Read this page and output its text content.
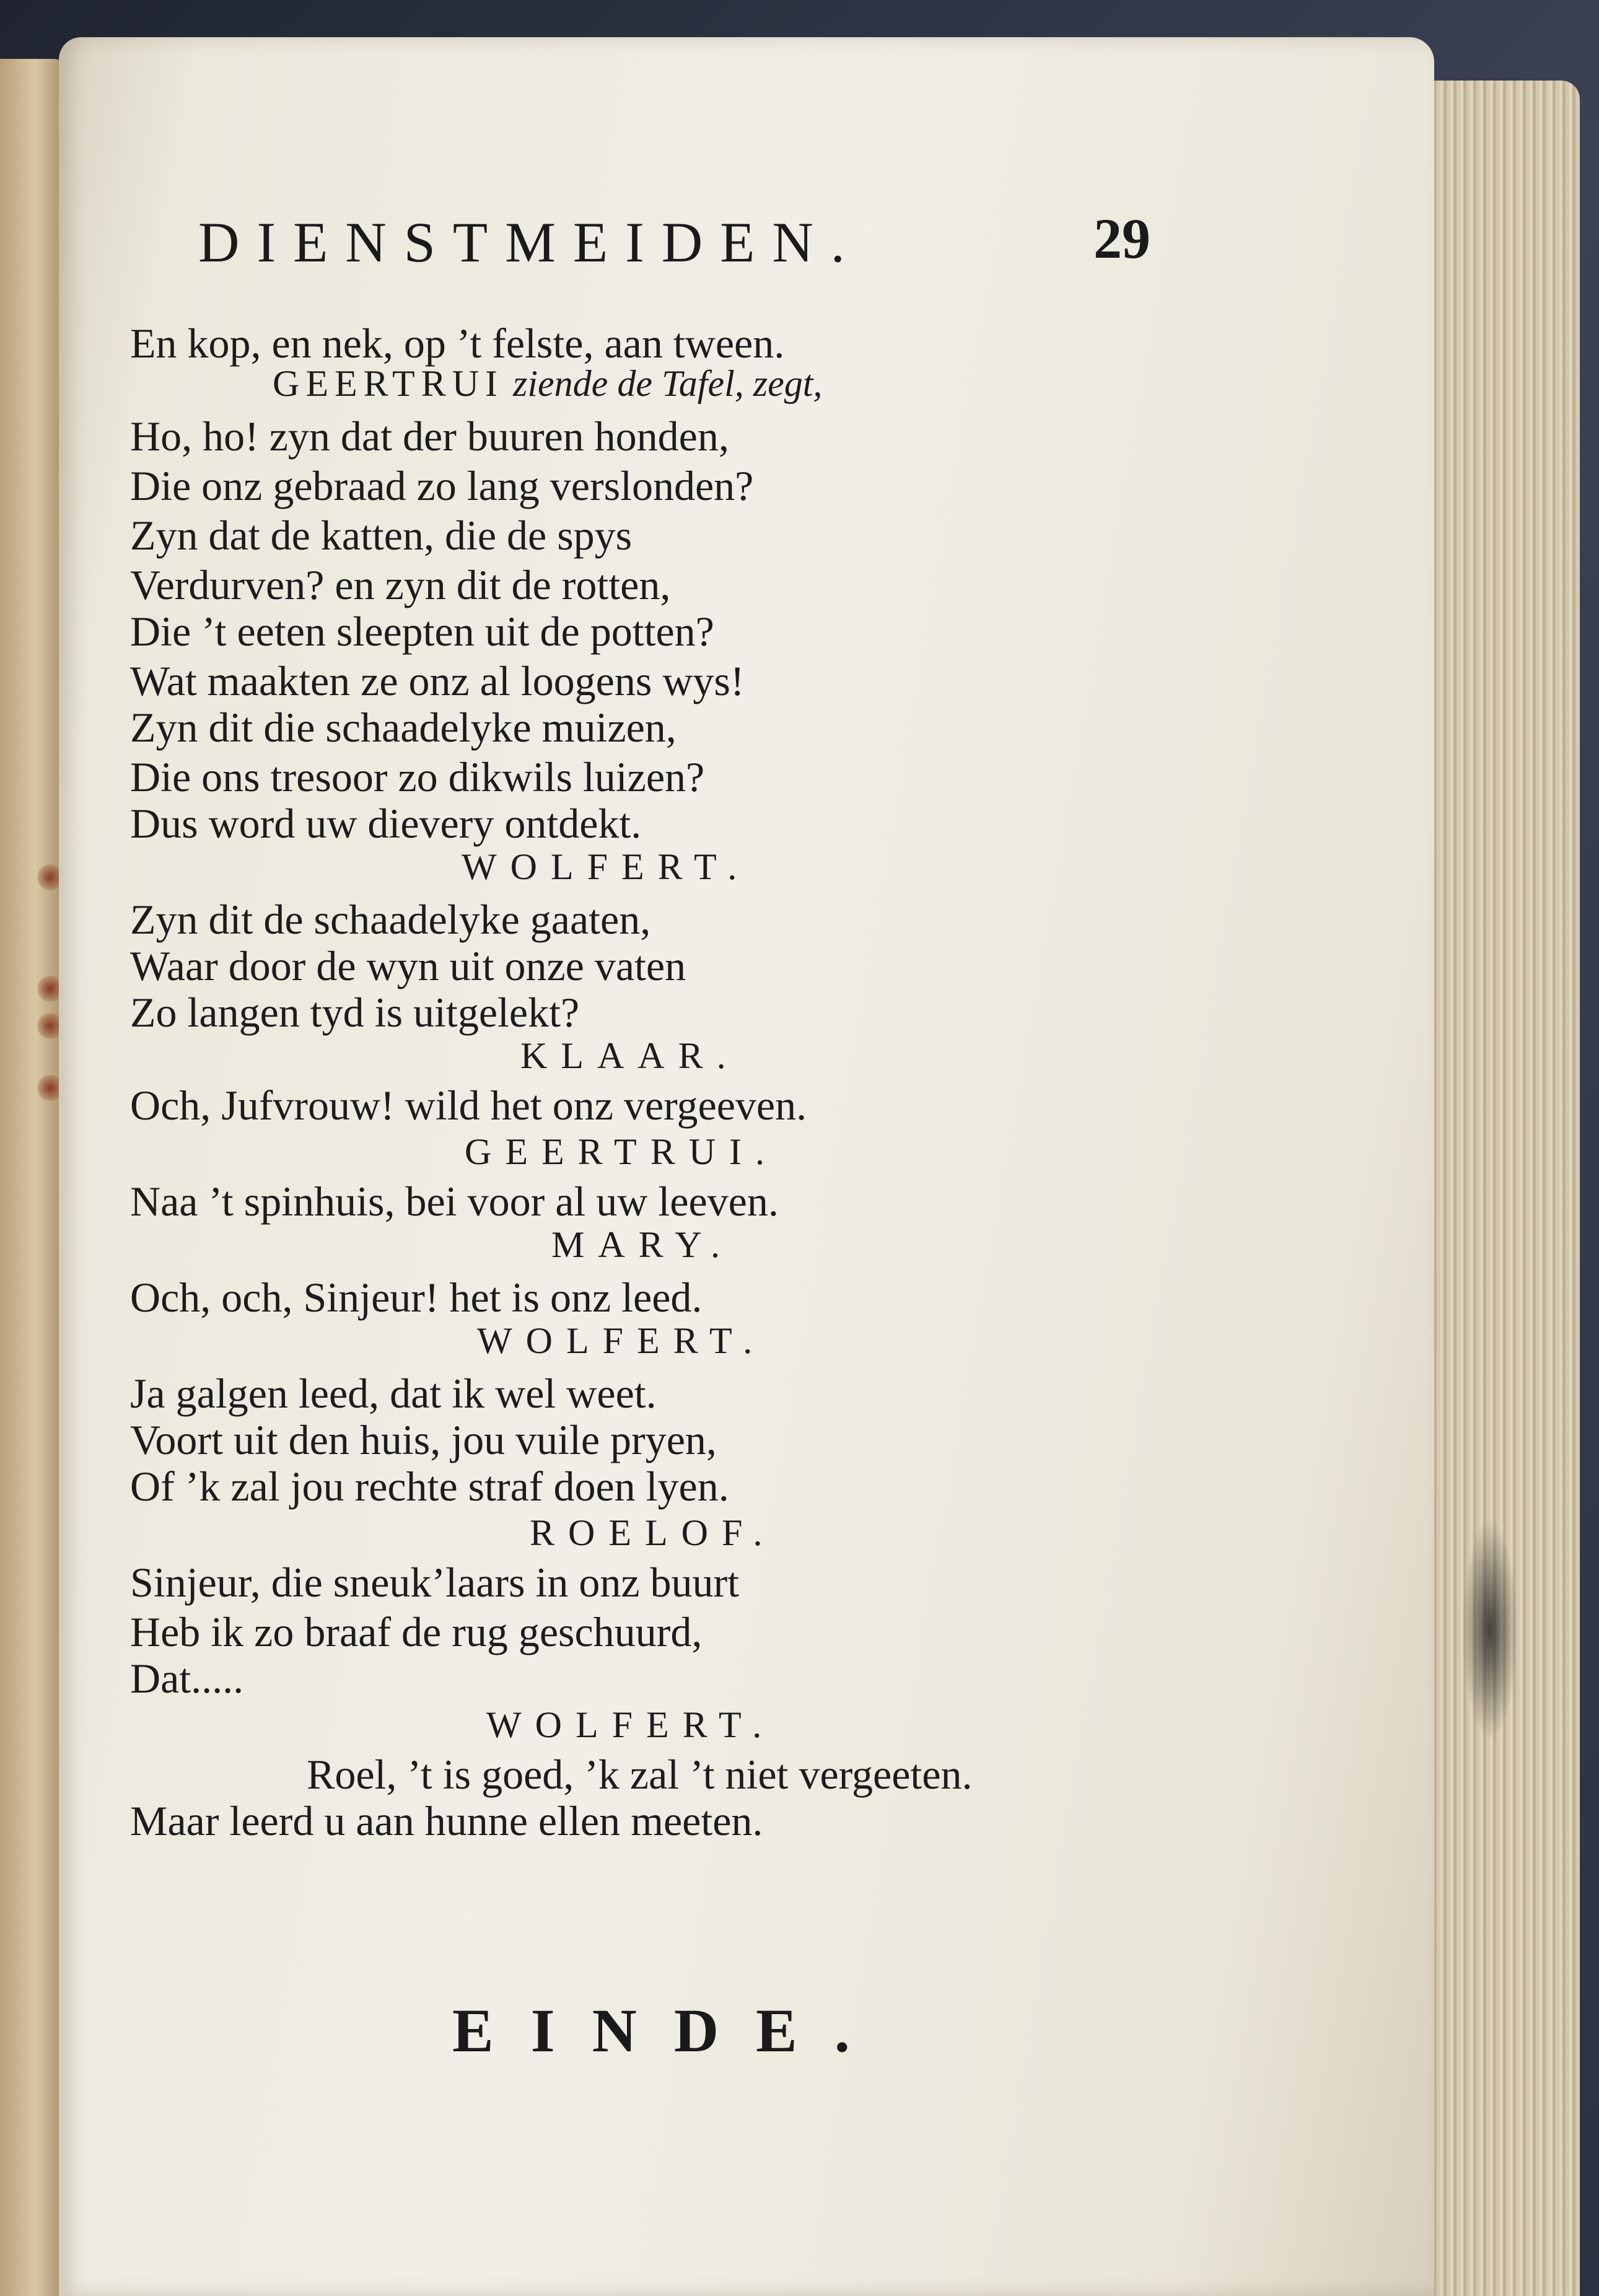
DIENSTMEIDEN.	29
En kop, en nek, op ’t felste, aan tween.
GEERTRUI ziende de Tafel, zegt,
Ho, ho! zyn dat der buuren honden,
Die onz gebraad zo lang verslonden?
Zyn dat de katten, die de spys
Verdurven? en zyn dit de rotten,
Die ’t eeten sleepten uit de potten?
Wat maakten ze onz al loogens wys!
Zyn dit die schaadelyke muizen,
Die ons tresoor zo dikwils luizen?
Dus word uw dievery ontdekt.
WOLFERT.
Zyn dit de schaadelyke gaaten,
Waar door de wyn uit onze vaten
Zo langen tyd is uitgelekt?
KLAAR.
Och, Jufvrouw! wild het onz vergeeven.
GEERTRUI.
Naa ’t spinhuis, bei voor al uw leeven.
MARY.
Och, och, Sinjeur! het is onz leed.
WOLFERT.
Ja galgen leed, dat ik wel weet.
Voort uit den huis, jou vuile pryen,
Of ’k zal jou rechte straf doen lyen.
ROELOF.
Sinjeur, die sneuk’laars in onz buurt
Heb ik zo braaf de rug geschuurd,
Dat.....
WOLFERT.
Roel, ’t is goed, ’k zal ’t niet vergeeten.
Maar leerd u aan hunne ellen meeten.
EINDE.
